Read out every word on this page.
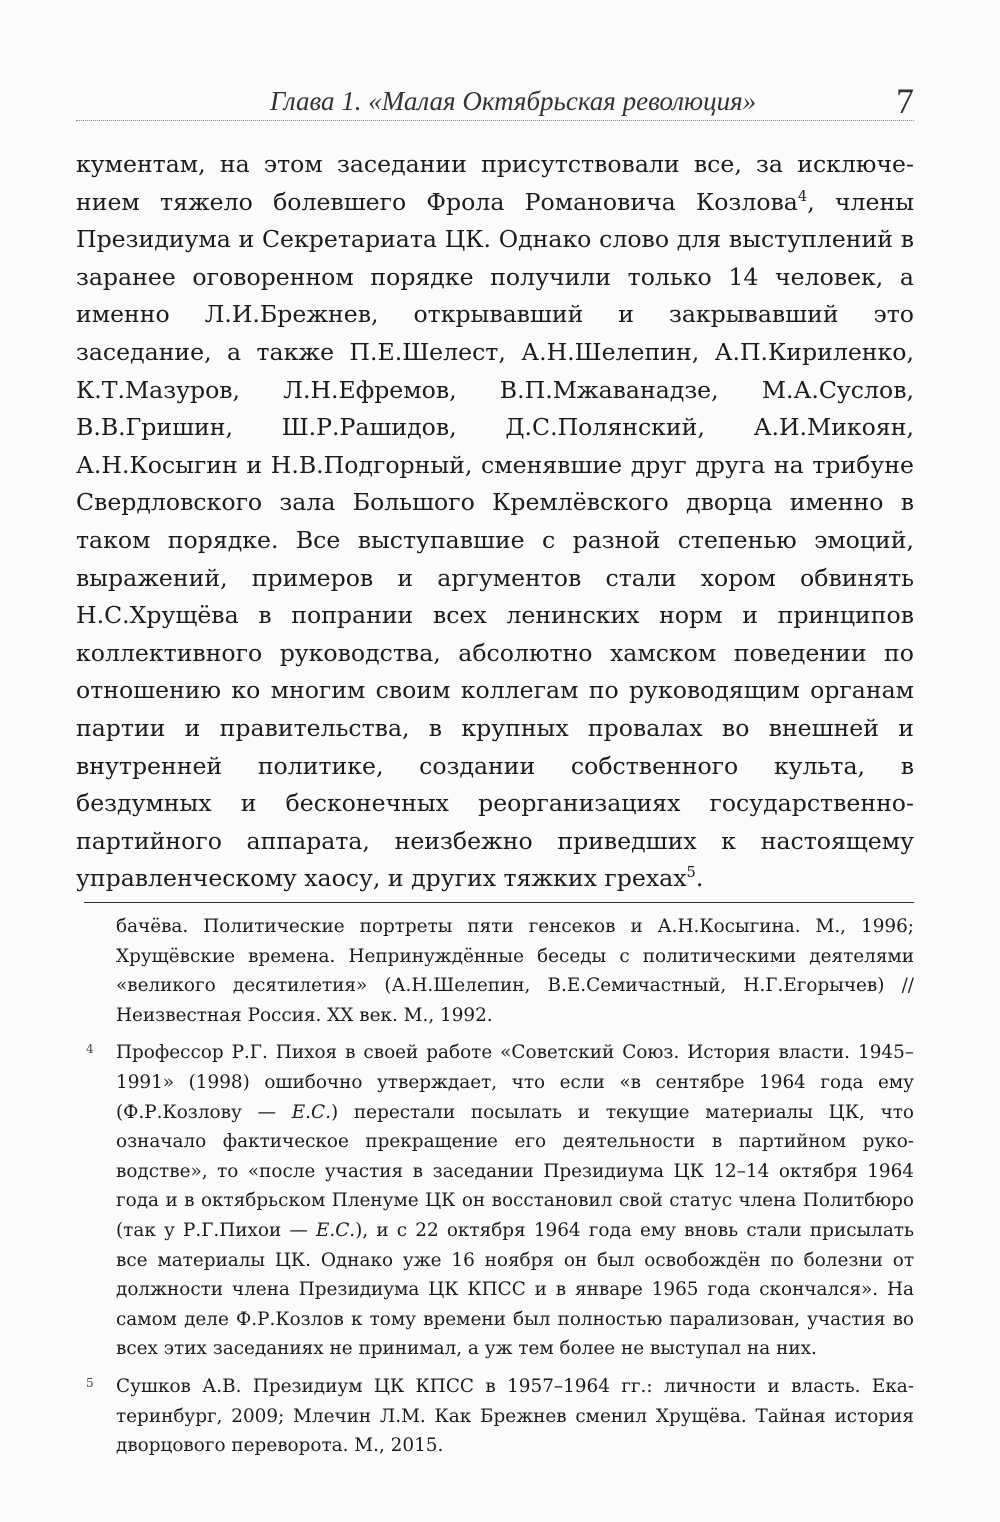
Глава 1. «Малая Октябрьская революция»	7

кументам, на этом заседании присутствовали все, за исключением тяжело болевшего Фрола Романовича Козлова$^4$, члены Президиума и Секретариата ЦК. Однако слово для выступлений в заранее оговоренном порядке получили только 14 человек, а именно Л.И.Брежнев, открывавший и закрывавший это заседание, а также П.Е.Шелест, А.Н.Шелепин, А.П.Кириленко, К.Т.Мазуров, Л.Н.Ефремов, В.П.Мжаванадзе, М.А.Суслов, В.В.Гришин, Ш.Р.Рашидов, Д.С.Полянский, А.И.Микоян, А.Н.Косыгин и Н.В.Подгорный, сменявшие друг друга на трибуне Свердловского зала Большого Кремлёвского дворца именно в таком порядке. Все выступавшие с разной степенью эмоций, выражений, примеров и аргументов стали хором обвинять Н.С.Хрущёва в попрании всех ленинских норм и принципов коллективного руководства, абсолютно хамском поведении по отношению ко многим своим коллегам по руководящим органам партии и правительства, в крупных провалах во внешней и внутренней политике, создании собственного культа, в бездумных и бесконечных реорганизациях государственно-партийного аппарата, неизбежно приведших к настоящему управленческому хаосу, и других тяжких грехах$^5$.

бачёва. Политические портреты пяти генсеков и А.Н.Косыгина. М., 1996; Хрущёвские времена. Непринуждённые беседы с политическими деятелями «великого десятилетия» (А.Н.Шелепин, В.Е.Семичастный, Н.Г.Егорычев) // Неизвестная Россия. XX век. М., 1992.
4 Профессор Р.Г. Пихоя в своей работе «Советский Союз. История власти. 1945–1991» (1998) ошибочно утверждает, что если «в сентябре 1964 года ему (Ф.Р.Козлову — Е.С.) перестали посылать и текущие материалы ЦК, что означало фактическое прекращение его деятельности в партийном руководстве», то «после участия в заседании Президиума ЦК 12–14 октября 1964 года и в октябрьском Пленуме ЦК он восстановил свой статус члена Политбюро (так у Р.Г.Пихои — Е.С.), и с 22 октября 1964 года ему вновь стали присылать все материалы ЦК. Однако уже 16 ноября он был освобождён по болезни от должности члена Президиума ЦК КПСС и в январе 1965 года скончался». На самом деле Ф.Р.Козлов к тому времени был полностью парализован, участия во всех этих заседаниях не принимал, а уж тем более не выступал на них.
5 Сушков А.В. Президиум ЦК КПСС в 1957–1964 гг.: личности и власть. Екатеринбург, 2009; Млечин Л.М. Как Брежнев сменил Хрущёва. Тайная история дворцового переворота. М., 2015.
